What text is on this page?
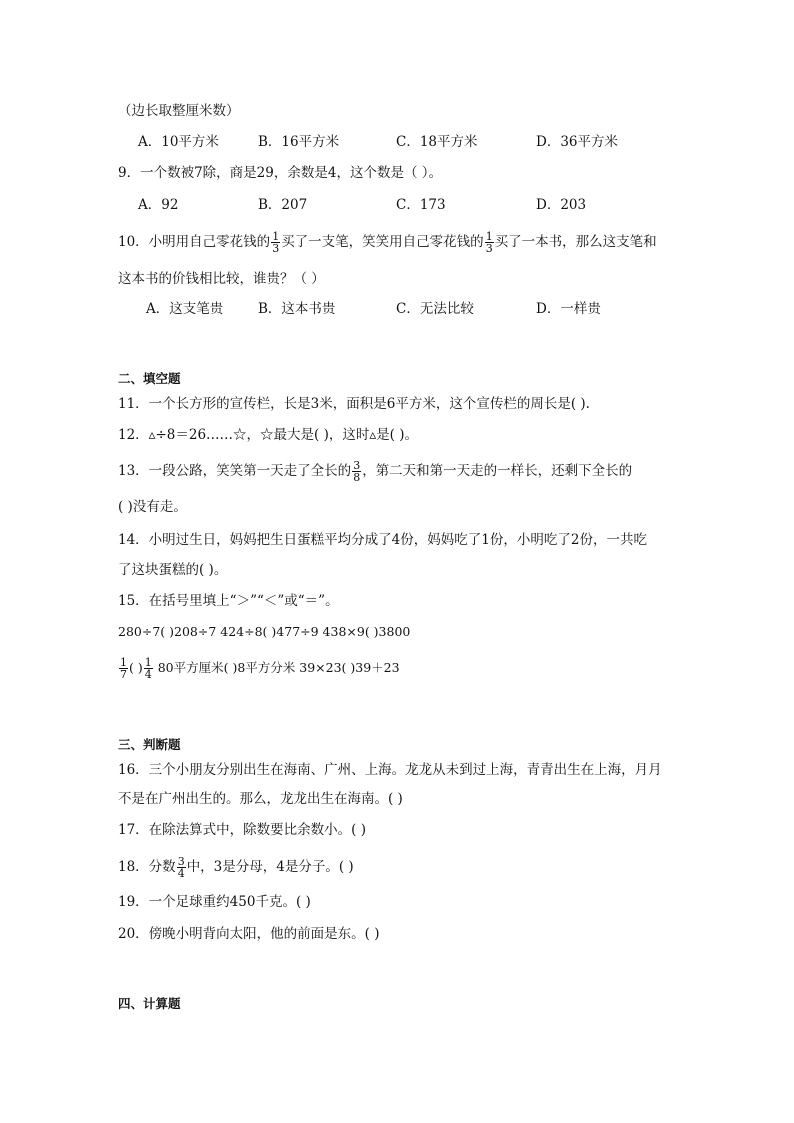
（边长取整厘米数）
A．10平方米	B．16平方米	C．18平方米	D．36平方米
9．一个数被7除，商是29，余数是4，这个数是（ ）。
A．92	B．207	C．173	D．203
10．小明用自己零花钱的 $\frac{1}{3}$ 买了一支笔，笑笑用自己零花钱的 $\frac{1}{3}$ 买了一本书，那么这支笔和
这本书的价钱相比较，谁贵？（ ）
A．这支笔贵	B．这本书贵	C．无法比较	D．一样贵
二、填空题
11．一个长方形的宣传栏，长是3米，面积是6平方米，这个宣传栏的周长是( ).
12．▵÷8＝26……☆，☆最大是( )，这时▵是( )。
13．一段公路，笑笑第一天走了全长的 $\frac{3}{8}$ ，第二天和第一天走的一样长，还剩下全长的
( )没有走。
14．小明过生日，妈妈把生日蛋糕平均分成了4份，妈妈吃了1份，小明吃了2份，一共吃
了这块蛋糕的( )。
15．在括号里填上“＞”“＜”或“＝”。
280÷7( )208÷7 424÷8( )477÷9 438×9( )3800
$\frac{1}{7}$ ( ) $\frac{1}{4} 80$平方厘米( )8平方分米 39×23( )39＋23
三、判断题
16．三个小朋友分别出生在海南、广州、上海。龙龙从未到过上海，青青出生在上海，月月
不是在广州出生的。那么，龙龙出生在海南。( )
17．在除法算式中，除数要比余数小。( )
18．分数 $\frac{3}{4}$ 中，3是分母，4是分子。( )
19．一个足球重约450千克。( )
20．傍晚小明背向太阳，他的前面是东。( )
四、计算题
